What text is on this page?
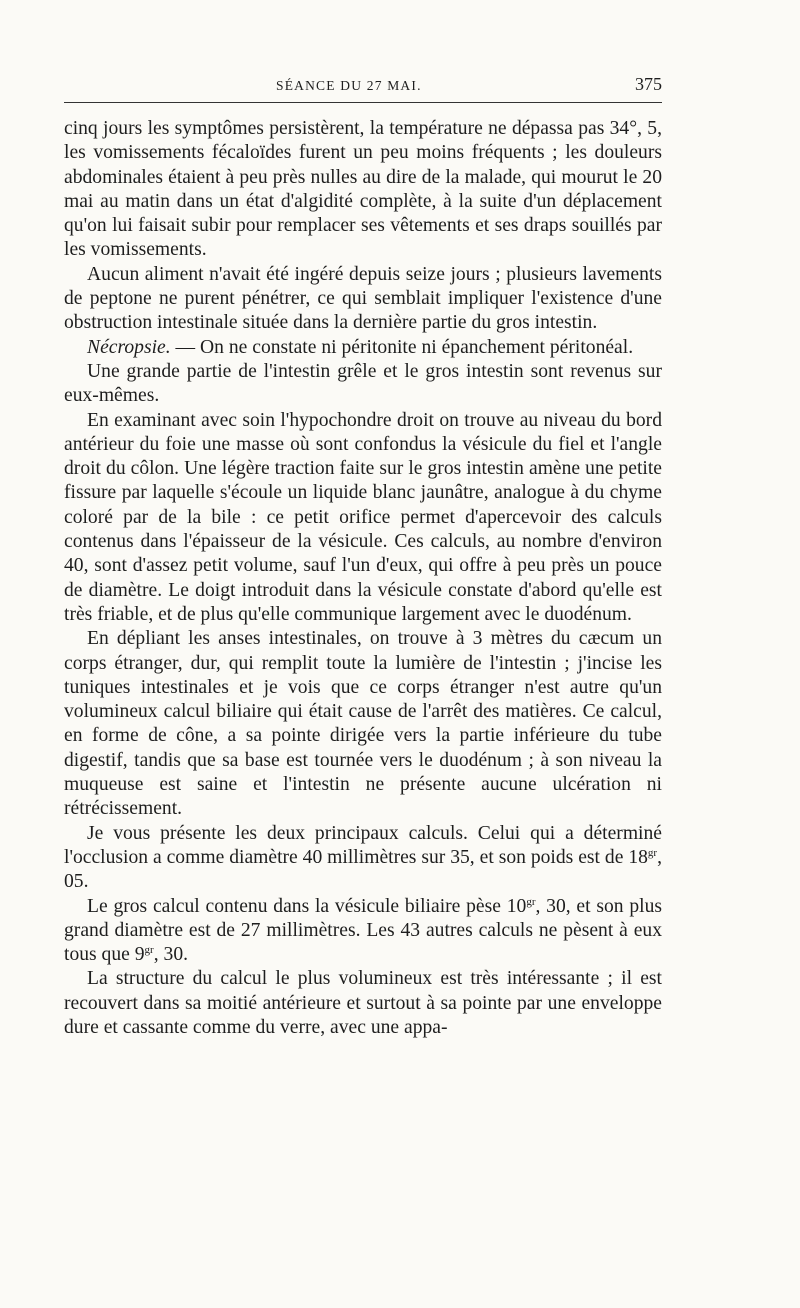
SÉANCE DU 27 MAI.	375

cinq jours les symptômes persistèrent, la température ne dépassa pas 34°, 5, les vomissements fécaloïdes furent un peu moins fréquents ; les douleurs abdominales étaient à peu près nulles au dire de la malade, qui mourut le 20 mai au matin dans un état d'algidité complète, à la suite d'un déplacement qu'on lui faisait subir pour remplacer ses vêtements et ses draps souillés par les vomissements.

Aucun aliment n'avait été ingéré depuis seize jours ; plusieurs lavements de peptone ne purent pénétrer, ce qui semblait impliquer l'existence d'une obstruction intestinale située dans la dernière partie du gros intestin.

Nécropsie. — On ne constate ni péritonite ni épanchement péritonéal.

Une grande partie de l'intestin grêle et le gros intestin sont revenus sur eux-mêmes.

En examinant avec soin l'hypochondre droit on trouve au niveau du bord antérieur du foie une masse où sont confondus la vésicule du fiel et l'angle droit du côlon. Une légère traction faite sur le gros intestin amène une petite fissure par laquelle s'écoule un liquide blanc jaunâtre, analogue à du chyme coloré par de la bile : ce petit orifice permet d'apercevoir des calculs contenus dans l'épaisseur de la vésicule. Ces calculs, au nombre d'environ 40, sont d'assez petit volume, sauf l'un d'eux, qui offre à peu près un pouce de diamètre. Le doigt introduit dans la vésicule constate d'abord qu'elle est très friable, et de plus qu'elle communique largement avec le duodénum.

En dépliant les anses intestinales, on trouve à 3 mètres du cæcum un corps étranger, dur, qui remplit toute la lumière de l'intestin ; j'incise les tuniques intestinales et je vois que ce corps étranger n'est autre qu'un volumineux calcul biliaire qui était cause de l'arrêt des matières. Ce calcul, en forme de cône, a sa pointe dirigée vers la partie inférieure du tube digestif, tandis que sa base est tournée vers le duodénum ; à son niveau la muqueuse est saine et l'intestin ne présente aucune ulcération ni rétrécissement.

Je vous présente les deux principaux calculs. Celui qui a déterminé l'occlusion a comme diamètre 40 millimètres sur 35, et son poids est de $18^{gr}$, 05.

Le gros calcul contenu dans la vésicule biliaire pèse $10^{gr}$, 30, et son plus grand diamètre est de 27 millimètres. Les 43 autres calculs ne pèsent à eux tous que $9^{gr}$, 30.

La structure du calcul le plus volumineux est très intéressante ; il est recouvert dans sa moitié antérieure et surtout à sa pointe par une enveloppe dure et cassante comme du verre, avec une appa-
